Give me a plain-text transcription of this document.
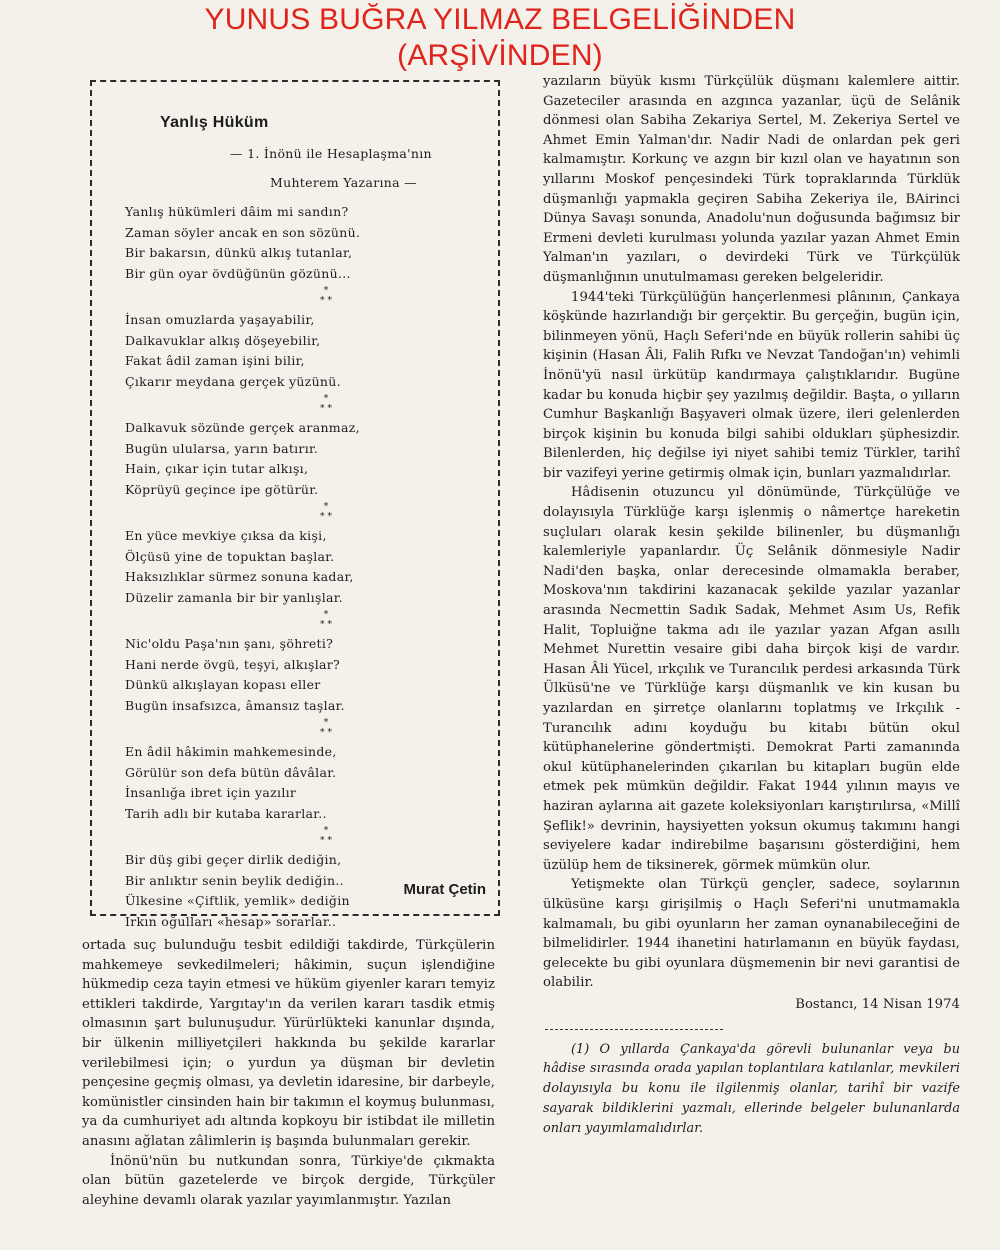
YUNUS BUĞRA YILMAZ BELGELİĞİNDEN
(ARŞİVİNDEN)
Yanlış Hüküm
— 1. İnönü ile Hesaplaşma'nın
Muhterem Yazarına —
Yanlış hükümleri dâim mi sandın?
Zaman söyler ancak en son sözünü.
Bir bakarsın, dünkü alkış tutanlar,
Bir gün oyar övdüğünün gözünü...
*
**
İnsan omuzlarda yaşayabilir,
Dalkavuklar alkış döşeyebilir,
Fakat âdil zaman işini bilir,
Çıkarır meydana gerçek yüzünü.
*
**
Dalkavuk sözünde gerçek aranmaz,
Bugün ulularsa, yarın batırır.
Hain, çıkar için tutar alkışı,
Köprüyü geçince ipe götürür.
*
**
En yüce mevkiye çıksa da kişi,
Ölçüsü yine de topuktan başlar.
Haksızlıklar sürmez sonuna kadar,
Düzelir zamanla bir bir yanlışlar.
*
**
Nic'oldu Paşa'nın şanı, şöhreti?
Hani nerde övgü, teşyi, alkışlar?
Dünkü alkışlayan kopası eller
Bugün insafsızca, âmansız taşlar.
*
**
En âdil hâkimin mahkemesinde,
Görülür son defa bütün dâvâlar.
İnsanlığa ibret için yazılır
Tarih adlı bir kutaba kararlar..
*
**
Bir düş gibi geçer dirlik dediğin,
Bir anlıktır senin beylik dediğin..
Ülkesine «Çiftlik, yemlik» dediğin
Irkın oğulları «hesap» sorarlar..
Murat Çetin

ortada suç bulunduğu tesbit edildiği takdirde, Türkçülerin mahkemeye sevkedilmeleri; hâkimin, suçun işlendiğine hükmedip ceza tayin etmesi ve hüküm giyenler kararı temyiz ettikleri takdirde, Yargıtay'ın da verilen kararı tasdik etmiş olmasının şart bulunuşudur. Yürürlükteki kanunlar dışında, bir ülkenin milliyetçileri hakkında bu şekilde kararlar verilebilmesi için; o yurdun ya düşman bir devletin pençesine geçmiş olması, ya devletin idaresine, bir darbeyle, komünistler cinsinden hain bir takımın el koymuş bulunması, ya da cumhuriyet adı altında kopkoyu bir istibdat ile milletin anasını ağlatan zâlimlerin iş başında bulunmaları gerekir.

İnönü'nün bu nutkundan sonra, Türkiye'de çıkmakta olan bütün gazetelerde ve birçok dergide, Türkçüler aleyhine devamlı olarak yazılar yayımlanmıştır. Yazılan

yazıların büyük kısmı Türkçülük düşmanı kalemlere aittir. Gazeteciler arasında en azgınca yazanlar, üçü de Selânik dönmesi olan Sabiha Zekariya Sertel, M. Zekeriya Sertel ve Ahmet Emin Yalman'dır. Nadir Nadi de onlardan pek geri kalmamıştır. Korkunç ve azgın bir kızıl olan ve hayatının son yıllarını Moskof pençesindeki Türk topraklarında Türklük düşmanlığı yapmakla geçiren Sabiha Zekeriya ile, BAirinci Dünya Savaşı sonunda, Anadolu'nun doğusunda bağımsız bir Ermeni devleti kurulması yolunda yazılar yazan Ahmet Emin Yalman'ın yazıları, o devirdeki Türk ve Türkçülük düşmanlığının unutulmaması gereken belgeleridir.

1944'teki Türkçülüğün hançerlenmesi plânının, Çankaya köşkünde hazırlandığı bir gerçektir. Bu gerçeğin, bugün için, bilinmeyen yönü, Haçlı Seferi'nde en büyük rollerin sahibi üç kişinin (Hasan Âli, Falih Rıfkı ve Nevzat Tandoğan'ın) vehimli İnönü'yü nasıl ürkütüp kandırmaya çalıştıklarıdır. Bugüne kadar bu konuda hiçbir şey yazılmış değildir. Başta, o yılların Cumhur Başkanlığı Başyaveri olmak üzere, ileri gelenlerden birçok kişinin bu konuda bilgi sahibi oldukları şüphesizdir. Bilenlerden, hiç değilse iyi niyet sahibi temiz Türkler, tarihî bir vazifeyi yerine getirmiş olmak için, bunları yazmalıdırlar.

Hâdisenin otuzuncu yıl dönümünde, Türkçülüğe ve dolayısıyla Türklüğe karşı işlenmiş o nâmertçe hareketin suçluları olarak kesin şekilde bilinenler, bu düşmanlığı kalemleriyle yapanlardır. Üç Selânik dönmesiyle Nadir Nadi'den başka, onlar derecesinde olmamakla beraber, Moskova'nın takdirini kazanacak şekilde yazılar yazanlar arasında Necmettin Sadık Sadak, Mehmet Asım Us, Refik Halit, Topluiğne takma adı ile yazılar yazan Afgan asıllı Mehmet Nurettin vesaire gibi daha birçok kişi de vardır. Hasan Âli Yücel, ırkçılık ve Turancılık perdesi arkasında Türk Ülküsü'ne ve Türklüğe karşı düşmanlık ve kin kusan bu yazılardan en şirretçe olanlarını toplatmış ve Irkçılık - Turancılık adını koyduğu bu kitabı bütün okul kütüphanelerine göndertmişti. Demokrat Parti zamanında okul kütüphanelerinden çıkarılan bu kitapları bugün elde etmek pek mümkün değildir. Fakat 1944 yılının mayıs ve haziran aylarına ait gazete koleksiyonları karıştırılırsa, «Millî Şeflik!» devrinin, haysiyetten yoksun okumuş takımını hangi seviyelere kadar indirebilme başarısını gösterdiğini, hem üzülüp hem de tiksinerek, görmek mümkün olur.

Yetişmekte olan Türkçü gençler, sadece, soylarının ülküsüne karşı girişilmiş o Haçlı Seferi'ni unutmamakla kalmamalı, bu gibi oyunların her zaman oynanabileceğini de bilmelidirler. 1944 ihanetini hatırlamanın en büyük faydası, gelecekte bu gibi oyunlara düşmemenin bir nevi garantisi de olabilir.

Bostancı, 14 Nisan 1974

(1) O yıllarda Çankaya'da görevli bulunanlar veya bu hâdise sırasında orada yapılan toplantılara katılanlar, mevkileri dolayısıyla bu konu ile ilgilenmiş olanlar, tarihî bir vazife sayarak bildiklerini yazmalı, ellerinde belgeler bulunanlarda onları yayımlamalıdırlar.
